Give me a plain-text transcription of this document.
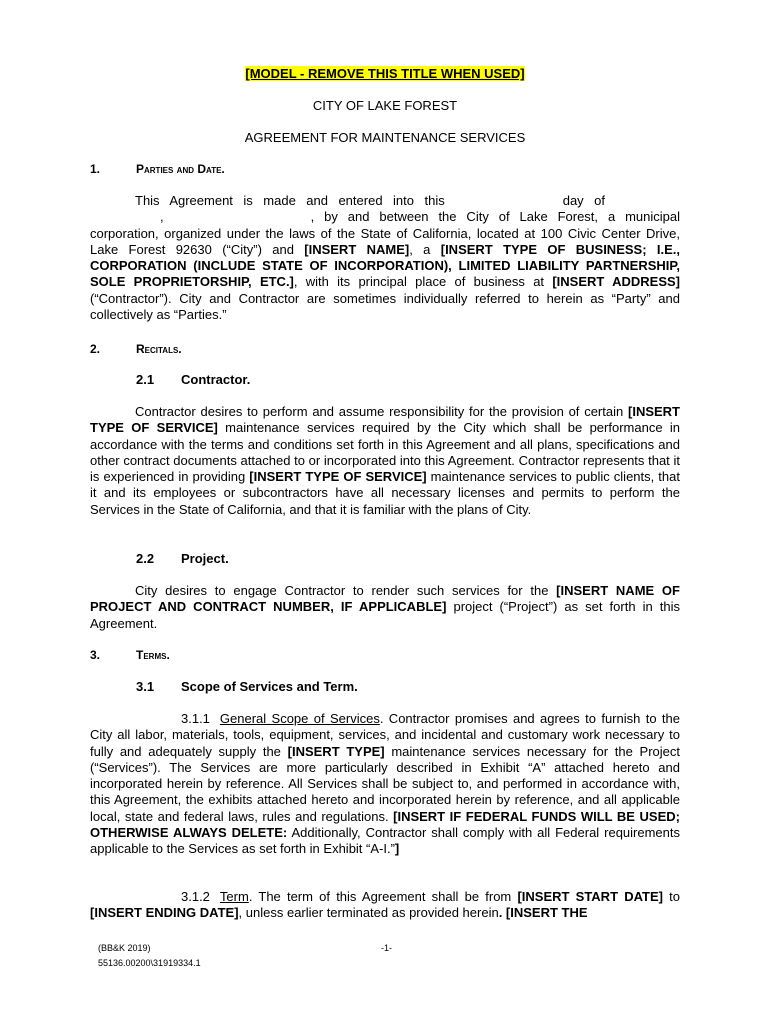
[MODEL - REMOVE THIS TITLE WHEN USED]
CITY OF LAKE FOREST
AGREEMENT FOR MAINTENANCE SERVICES
1.	Parties and Date.
This Agreement is made and entered into this	day of,	, by and between the City of Lake Forest, a municipal corporation, organized under the laws of the State of California, located at 100 Civic Center Drive, Lake Forest 92630 (“City”) and [INSERT NAME], a [INSERT TYPE OF BUSINESS; I.E., CORPORATION (INCLUDE STATE OF INCORPORATION), LIMITED LIABILITY PARTNERSHIP, SOLE PROPRIETORSHIP, ETC.], with its principal place of business at [INSERT ADDRESS] (“Contractor”). City and Contractor are sometimes individually referred to herein as “Party” and collectively as “Parties.”
2.	Recitals.
2.1 Contractor.
Contractor desires to perform and assume responsibility for the provision of certain [INSERT TYPE OF SERVICE] maintenance services required by the City which shall be performance in accordance with the terms and conditions set forth in this Agreement and all plans, specifications and other contract documents attached to or incorporated into this Agreement. Contractor represents that it is experienced in providing [INSERT TYPE OF SERVICE] maintenance services to public clients, that it and its employees or subcontractors have all necessary licenses and permits to perform the Services in the State of California, and that it is familiar with the plans of City.
2.2 Project.
City desires to engage Contractor to render such services for the [INSERT NAME OF PROJECT AND CONTRACT NUMBER, IF APPLICABLE] project (“Project”) as set forth in this Agreement.
3.	Terms.
3.1 Scope of Services and Term.
3.1.1 General Scope of Services. Contractor promises and agrees to furnish to the City all labor, materials, tools, equipment, services, and incidental and customary work necessary to fully and adequately supply the [INSERT TYPE] maintenance services necessary for the Project (“Services”). The Services are more particularly described in Exhibit “A” attached hereto and incorporated herein by reference. All Services shall be subject to, and performed in accordance with, this Agreement, the exhibits attached hereto and incorporated herein by reference, and all applicable local, state and federal laws, rules and regulations. [INSERT IF FEDERAL FUNDS WILL BE USED; OTHERWISE ALWAYS DELETE: Additionally, Contractor shall comply with all Federal requirements applicable to the Services as set forth in Exhibit “A-I.”]
3.1.2 Term. The term of this Agreement shall be from [INSERT START DATE] to [INSERT ENDING DATE], unless earlier terminated as provided herein. [INSERT THE
(BB&K 2019)	-1-
55136.00200\31919334.1
